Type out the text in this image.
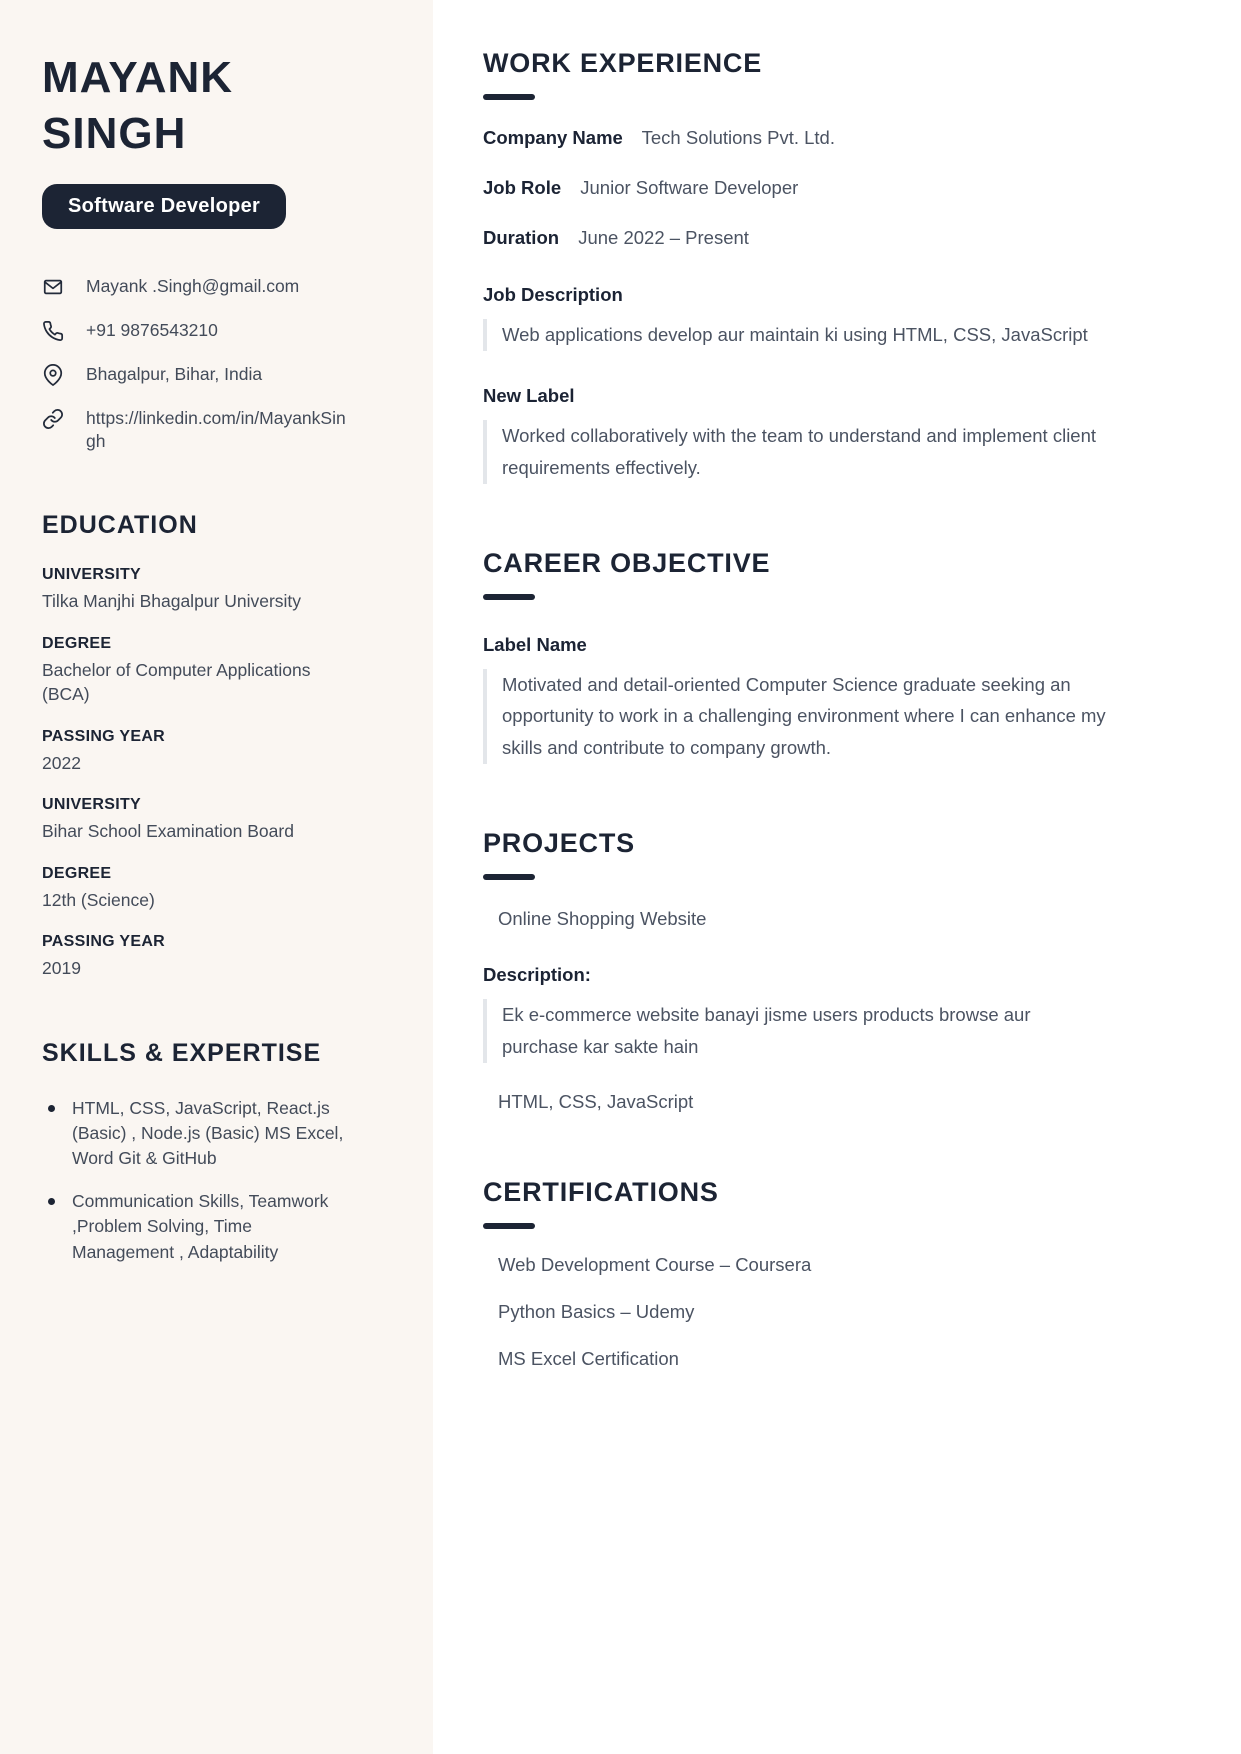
MAYANK
SINGH
Software Developer
Mayank .Singh@gmail.com
+91 9876543210
Bhagalpur, Bihar, India
https://linkedin.com/in/MayankSingh
EDUCATION
UNIVERSITY
Tilka Manjhi Bhagalpur University
DEGREE
Bachelor of Computer Applications (BCA)
PASSING YEAR
2022
UNIVERSITY
Bihar School Examination Board
DEGREE
12th (Science)
PASSING YEAR
2019
SKILLS & EXPERTISE
HTML, CSS, JavaScript, React.js (Basic) , Node.js (Basic) MS Excel, Word Git & GitHub
Communication Skills, Teamwork ,Problem Solving, Time Management , Adaptability
WORK EXPERIENCE
Company Name Tech Solutions Pvt. Ltd.
Job Role Junior Software Developer
Duration June 2022 – Present
Job Description
Web applications develop aur maintain ki using HTML, CSS, JavaScript
New Label
Worked collaboratively with the team to understand and implement client requirements effectively.
CAREER OBJECTIVE
Label Name
Motivated and detail-oriented Computer Science graduate seeking an opportunity to work in a challenging environment where I can enhance my skills and contribute to company growth.
PROJECTS
Online Shopping Website
Description:
Ek e-commerce website banayi jisme users products browse aur purchase kar sakte hain
HTML, CSS, JavaScript
CERTIFICATIONS
Web Development Course – Coursera
Python Basics – Udemy
MS Excel Certification
